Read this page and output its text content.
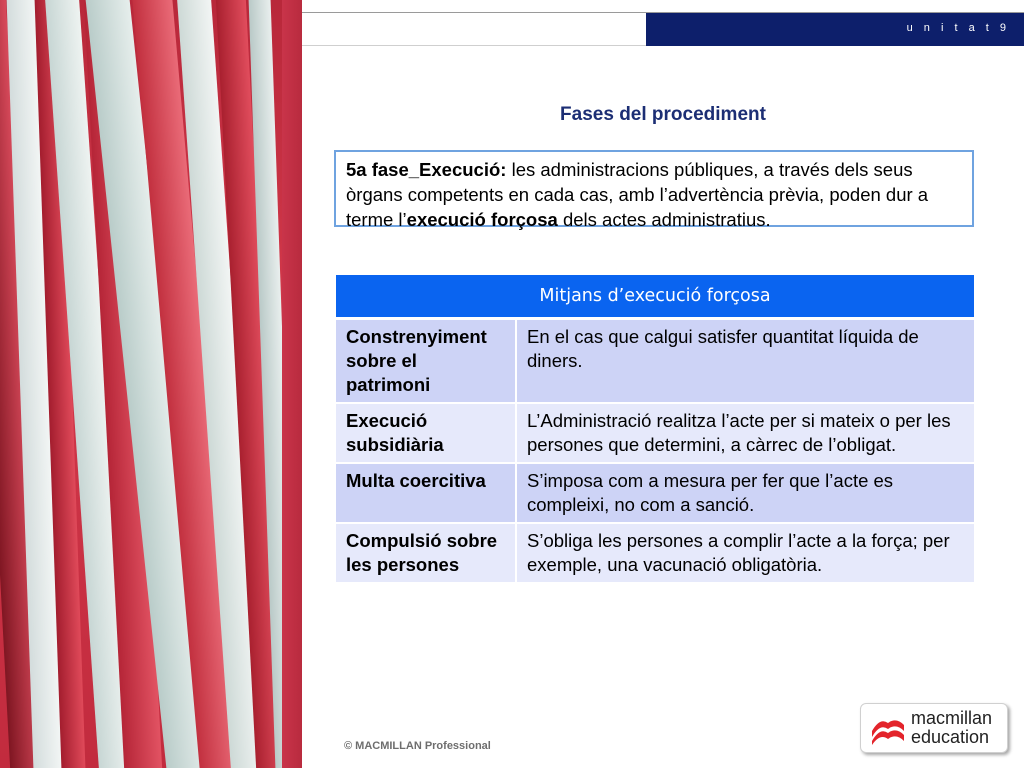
u n i t a t 9
Fases del procediment
5a fase_Execució: les administracions públiques, a través dels seus òrgans competents en cada cas, amb l’advertència prèvia, poden dur a terme l’execució forçosa dels actes administratius.
Mitjans d’execució forçosa	
Constrenyiment sobre el patrimoni	En el cas que calgui satisfer quantitat líquida de diners.
Execució subsidiària	L’Administració realitza l’acte per si mateix o per les persones que determini, a càrrec de l’obligat.
Multa coercitiva	S’imposa com a mesura per fer que l’acte es compleixi, no com a sanció.
Compulsió sobre les persones	S’obliga les persones a complir l’acte a la força; per exemple, una vacunació obligatòria.
© MACMILLAN Professional
macmillan
education
